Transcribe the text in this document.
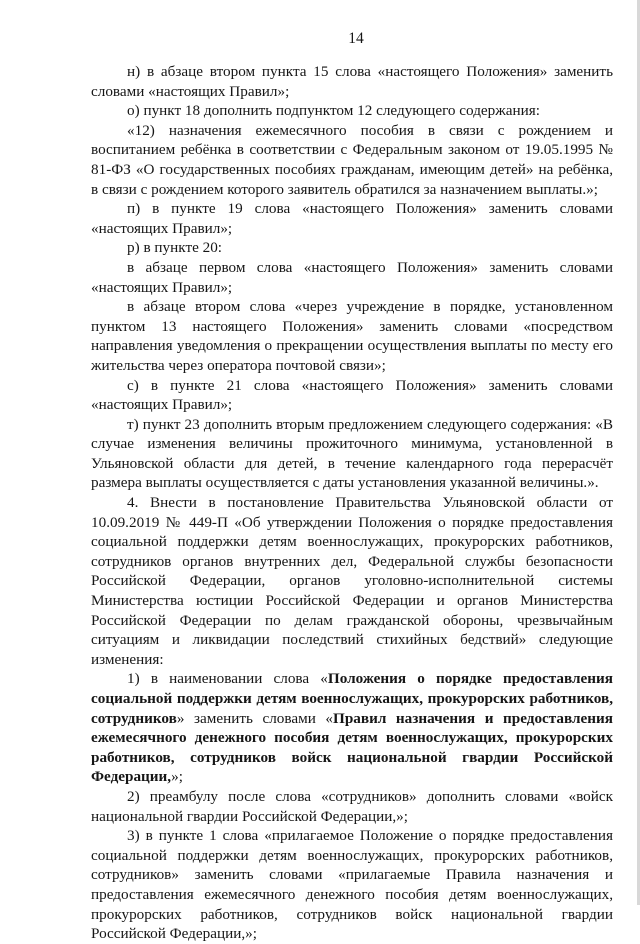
14

н) в абзаце втором пункта 15 слова «настоящего Положения» заменить словами «настоящих Правил»;

о) пункт 18 дополнить подпунктом 12 следующего содержания:

«12) назначения ежемесячного пособия в связи с рождением и воспитанием ребёнка в соответствии с Федеральным законом от 19.05.1995 № 81-ФЗ «О государственных пособиях гражданам, имеющим детей» на ребёнка, в связи с рождением которого заявитель обратился за назначением выплаты.»;

п) в пункте 19 слова «настоящего Положения» заменить словами «настоящих Правил»;

р) в пункте 20:

в абзаце первом слова «настоящего Положения» заменить словами «настоящих Правил»;

в абзаце втором слова «через учреждение в порядке, установленном пунктом 13 настоящего Положения» заменить словами «посредством направления уведомления о прекращении осуществления выплаты по месту его жительства через оператора почтовой связи»;

с) в пункте 21 слова «настоящего Положения» заменить словами «настоящих Правил»;

т) пункт 23 дополнить вторым предложением следующего содержания: «В случае изменения величины прожиточного минимума, установленной в Ульяновской области для детей, в течение календарного года перерасчёт размера выплаты осуществляется с даты установления указанной величины.».

4. Внести в постановление Правительства Ульяновской области от 10.09.2019 № 449-П «Об утверждении Положения о порядке предоставления социальной поддержки детям военнослужащих, прокурорских работников, сотрудников органов внутренних дел, Федеральной службы безопасности Российской Федерации, органов уголовно-исполнительной системы Министерства юстиции Российской Федерации и органов Министерства Российской Федерации по делам гражданской обороны, чрезвычайным ситуациям и ликвидации последствий стихийных бедствий» следующие изменения:

1) в наименовании слова «Положения о порядке предоставления социальной поддержки детям военнослужащих, прокурорских работников, сотрудников» заменить словами «Правил назначения и предоставления ежемесячного денежного пособия детям военнослужащих, прокурорских работников, сотрудников войск национальной гвардии Российской Федерации,»;

2) преамбулу после слова «сотрудников» дополнить словами «войск национальной гвардии Российской Федерации,»;

3) в пункте 1 слова «прилагаемое Положение о порядке предоставления социальной поддержки детям военнослужащих, прокурорских работников, сотрудников» заменить словами «прилагаемые Правила назначения и предоставления ежемесячного денежного пособия детям военнослужащих, прокурорских работников, сотрудников войск национальной гвардии Российской Федерации,»;
